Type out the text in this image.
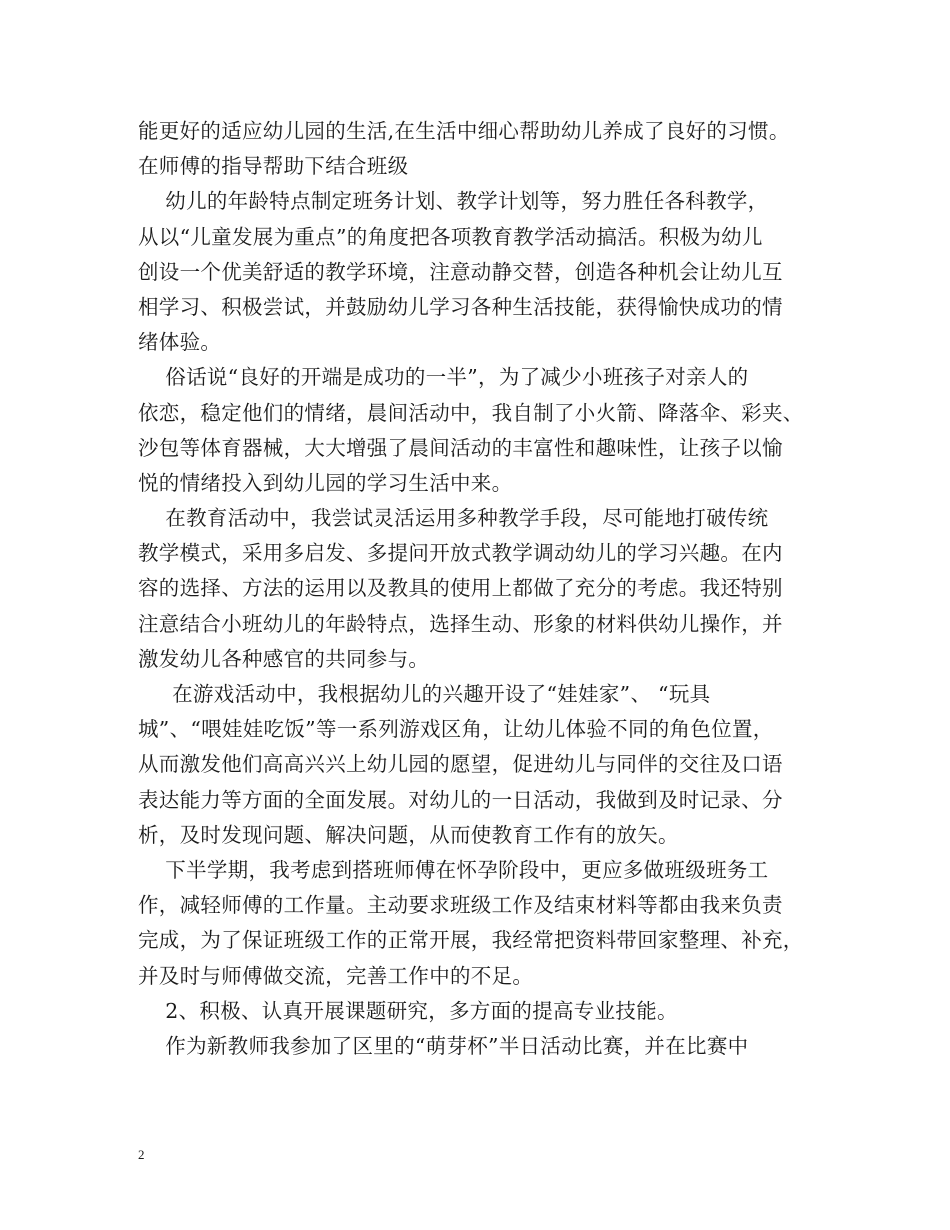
能更好的适应幼儿园的生活,在生活中细心帮助幼儿养成了良好的习惯。
在师傅的指导帮助下结合班级
幼儿的年龄特点制定班务计划、教学计划等，努力胜任各科教学，
从以“儿童发展为重点”的角度把各项教育教学活动搞活。积极为幼儿
创设一个优美舒适的教学环境，注意动静交替，创造各种机会让幼儿互
相学习、积极尝试，并鼓励幼儿学习各种生活技能，获得愉快成功的情
绪体验。
俗话说“良好的开端是成功的一半”，为了减少小班孩子对亲人的
依恋，稳定他们的情绪，晨间活动中，我自制了小火箭、降落伞、彩夹、
沙包等体育器械，大大增强了晨间活动的丰富性和趣味性，让孩子以愉
悦的情绪投入到幼儿园的学习生活中来。
在教育活动中，我尝试灵活运用多种教学手段，尽可能地打破传统
教学模式，采用多启发、多提问开放式教学调动幼儿的学习兴趣。在内
容的选择、方法的运用以及教具的使用上都做了充分的考虑。我还特别
注意结合小班幼儿的年龄特点，选择生动、形象的材料供幼儿操作，并
激发幼儿各种感官的共同参与。
在游戏活动中，我根据幼儿的兴趣开设了“娃娃家”、 “玩具
城”、“喂娃娃吃饭”等一系列游戏区角，让幼儿体验不同的角色位置，
从而激发他们高高兴兴上幼儿园的愿望，促进幼儿与同伴的交往及口语
表达能力等方面的全面发展。对幼儿的一日活动，我做到及时记录、分
析，及时发现问题、解决问题，从而使教育工作有的放矢。
下半学期，我考虑到搭班师傅在怀孕阶段中，更应多做班级班务工
作，减轻师傅的工作量。主动要求班级工作及结束材料等都由我来负责
完成，为了保证班级工作的正常开展，我经常把资料带回家整理、补充，
并及时与师傅做交流，完善工作中的不足。
2、积极、认真开展课题研究，多方面的提高专业技能。
作为新教师我参加了区里的“萌芽杯”半日活动比赛，并在比赛中
2
